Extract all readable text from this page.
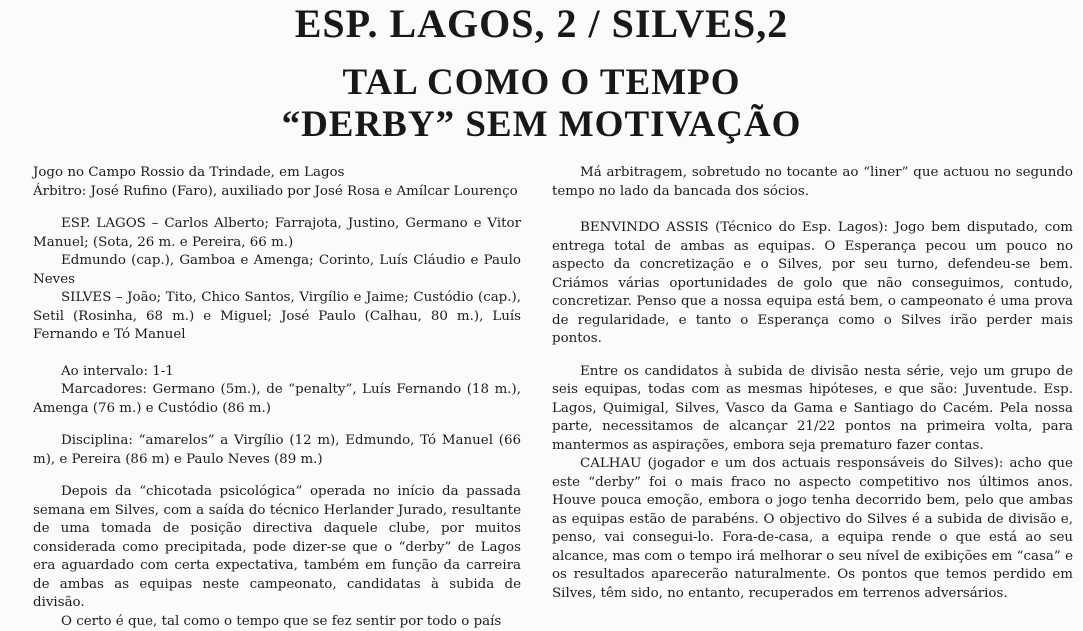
ESP. LAGOS, 2 / SILVES,2
TAL COMO O TEMPO
“DERBY” SEM MOTIVAÇÃO

Jogo no Campo Rossio da Trindade, em Lagos

Árbitro: José Rufino (Faro), auxiliado por José Rosa e Amílcar Lourenço

ESP. LAGOS – Carlos Alberto; Farrajota, Justino, Germano e Vitor Manuel; (Sota, 26 m. e Pereira, 66 m.)

Edmundo (cap.), Gamboa e Amenga; Corinto, Luís Cláudio e Paulo Neves

SILVES – João; Tito, Chico Santos, Virgílio e Jaime; Custódio (cap.), Setil (Rosinha, 68 m.) e Miguel; José Paulo (Calhau, 80 m.), Luís Fernando e Tó Manuel

Ao intervalo: 1-1

Marcadores: Germano (5m.), de “penalty”, Luís Fernando (18 m.), Amenga (76 m.) e Custódio (86 m.)

Disciplina: “amarelos” a Virgílio (12 m), Edmundo, Tó Manuel (66 m), e Pereira (86 m) e Paulo Neves (89 m.)

Depois da “chicotada psicológica” operada no início da passada semana em Silves, com a saída do técnico Herlander Jurado, resultante de uma tomada de posição directiva daquele clube, por muitos considerada como precipitada, pode dizer-se que o “derby” de Lagos era aguardado com certa expectativa, também em função da carreira de ambas as equipas neste campeonato, candidatas à subida de divisão.

O certo é que, tal como o tempo que se fez sentir por todo o país

Má arbitragem, sobretudo no tocante ao “liner” que actuou no segundo tempo no lado da bancada dos sócios.

BENVINDO ASSIS (Técnico do Esp. Lagos): Jogo bem disputado, com entrega total de ambas as equipas. O Esperança pecou um pouco no aspecto da concretização e o Silves, por seu turno, defendeu-se bem. Criámos várias oportunidades de golo que não conseguimos, contudo, concretizar. Penso que a nossa equipa está bem, o campeonato é uma prova de regularidade, e tanto o Esperança como o Silves irão perder mais pontos.

Entre os candidatos à subida de divisão nesta série, vejo um grupo de seis equipas, todas com as mesmas hipóteses, e que são: Juventude. Esp. Lagos, Quimigal, Silves, Vasco da Gama e Santiago do Cacém. Pela nossa parte, necessitamos de alcançar 21/22 pontos na primeira volta, para mantermos as aspirações, embora seja prematuro fazer contas.

CALHAU (jogador e um dos actuais responsáveis do Silves): acho que este “derby” foi o mais fraco no aspecto competitivo nos últimos anos. Houve pouca emoção, embora o jogo tenha decorrido bem, pelo que ambas as equipas estão de parabéns. O objectivo do Silves é a subida de divisão e, penso, vai consegui-lo. Fora-de-casa, a equipa rende o que está ao seu alcance, mas com o tempo irá melhorar o seu nível de exibições em “casa” e os resultados aparecerão naturalmente. Os pontos que temos perdido em Silves, têm sido, no entanto, recuperados em terrenos adversários.
